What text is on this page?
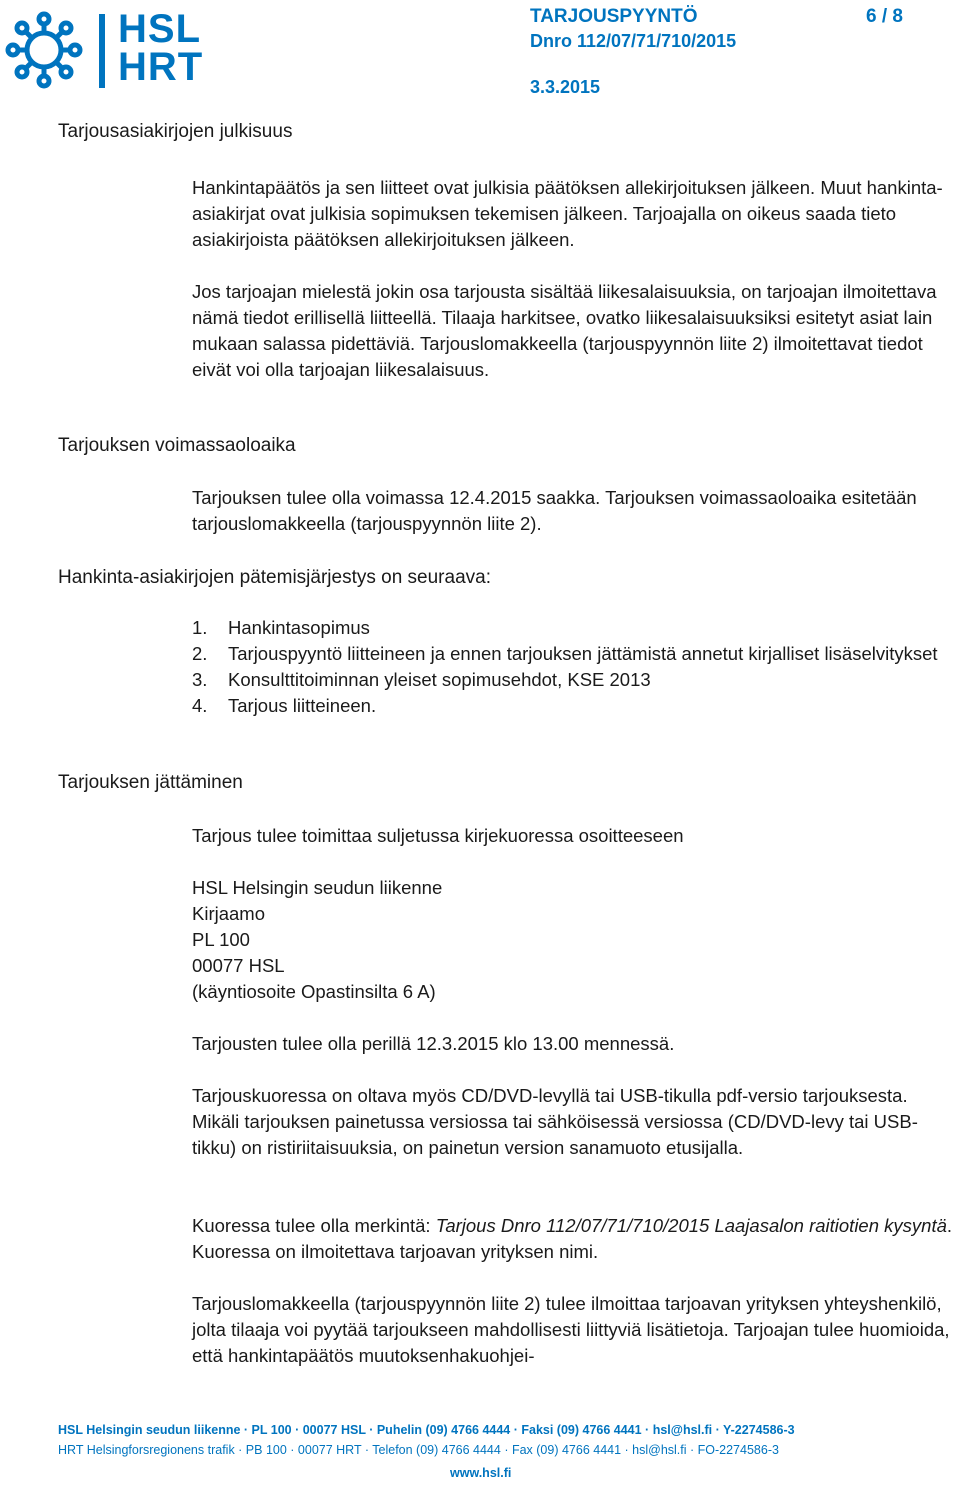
HSL
HRT
TARJOUSPYYNTÖ	6 / 8
Dnro 112/07/71/710/2015
3.3.2015
Tarjousasiakirjojen julkisuus
Hankintapäätös ja sen liitteet ovat julkisia päätöksen allekirjoituksen jälkeen. Muut hankinta-asiakirjat ovat julkisia sopimuksen tekemisen jälkeen. Tarjoajalla on oikeus saada tieto asiakirjoista päätöksen allekirjoituksen jälkeen.
Jos tarjoajan mielestä jokin osa tarjousta sisältää liikesalaisuuksia, on tarjoajan ilmoitettava nämä tiedot erillisellä liitteellä. Tilaaja harkitsee, ovatko liikesalaisuuksiksi esitetyt asiat lain mukaan salassa pidettäviä. Tarjouslomakkeella (tarjouspyynnön liite 2) ilmoitettavat tiedot eivät voi olla tarjoajan liikesalaisuus.
Tarjouksen voimassaoloaika
Tarjouksen tulee olla voimassa 12.4.2015 saakka. Tarjouksen voimassaoloaika esitetään tarjouslomakkeella (tarjouspyynnön liite 2).
Hankinta-asiakirjojen pätemisjärjestys on seuraava:
1.	Hankintasopimus
2.	Tarjouspyyntö liitteineen ja ennen tarjouksen jättämistä annetut kirjalliset lisäselvitykset
3.	Konsulttitoiminnan yleiset sopimusehdot, KSE 2013
4.	Tarjous liitteineen.
Tarjouksen jättäminen
Tarjous tulee toimittaa suljetussa kirjekuoressa osoitteeseen
HSL Helsingin seudun liikenne
Kirjaamo
PL 100
00077 HSL
(käyntiosoite Opastinsilta 6 A)
Tarjousten tulee olla perillä 12.3.2015 klo 13.00 mennessä.
Tarjouskuoressa on oltava myös CD/DVD-levyllä tai USB-tikulla pdf-versio tarjouksesta. Mikäli tarjouksen painetussa versiossa tai sähköisessä versiossa (CD/DVD-levy tai USB-tikku) on ristiriitaisuuksia, on painetun version sanamuoto etusijalla.
Kuoressa tulee olla merkintä: Tarjous Dnro 112/07/71/710/2015 Laajasalon raitiotien kysyntä. Kuoressa on ilmoitettava tarjoavan yrityksen nimi.
Tarjouslomakkeella (tarjouspyynnön liite 2) tulee ilmoittaa tarjoavan yrityksen yhteyshenkilö, jolta tilaaja voi pyytää tarjoukseen mahdollisesti liittyviä lisätietoja. Tarjoajan tulee huomioida, että hankintapäätös muutoksenhakuohjei-
HSL Helsingin seudun liikenne · PL 100 · 00077 HSL · Puhelin (09) 4766 4444 · Faksi (09) 4766 4441 · hsl@hsl.fi · Y-2274586-3
HRT Helsingforsregionens trafik · PB 100 · 00077 HRT · Telefon (09) 4766 4444 · Fax (09) 4766 4441 · hsl@hsl.fi · FO-2274586-3
www.hsl.fi
